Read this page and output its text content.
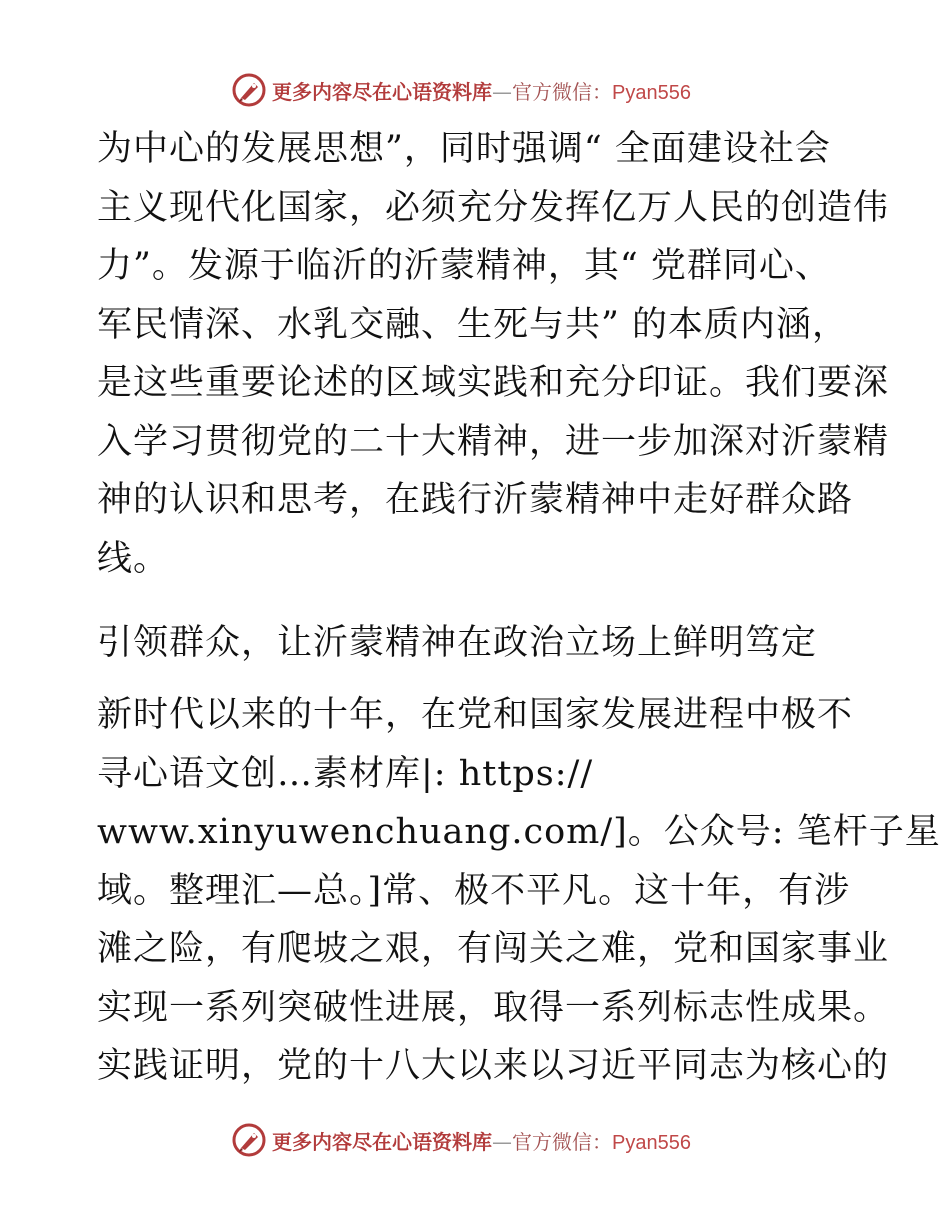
更多内容尽在心语资料库—官方微信：Pyan556
为中心的发展思想”，同时强调“ 全面建设社会
主义现代化国家，必须充分发挥亿万人民的创造伟
力”。发源于临沂的沂蒙精神，其“ 党群同心、
军民情深、水乳交融、生死与共” 的本质内涵，
是这些重要论述的区域实践和充分印证。我们要深
入学习贯彻党的二十大精神，进一步加深对沂蒙精
神的认识和思考，在践行沂蒙精神中走好群众路
线。
引领群众，让沂蒙精神在政治立场上鲜明笃定
新时代以来的十年，在党和国家发展进程中极不
寻心语文创…素材库|: https://
www.xinyuwenchuang.com/]。公众号: 笔杆子星
域。整理汇—总。]常、极不平凡。这十年，有涉
滩之险，有爬坡之艰，有闯关之难，党和国家事业
实现一系列突破性进展，取得一系列标志性成果。
实践证明，党的十八大以来以习近平同志为核心的
更多内容尽在心语资料库—官方微信：Pyan556
